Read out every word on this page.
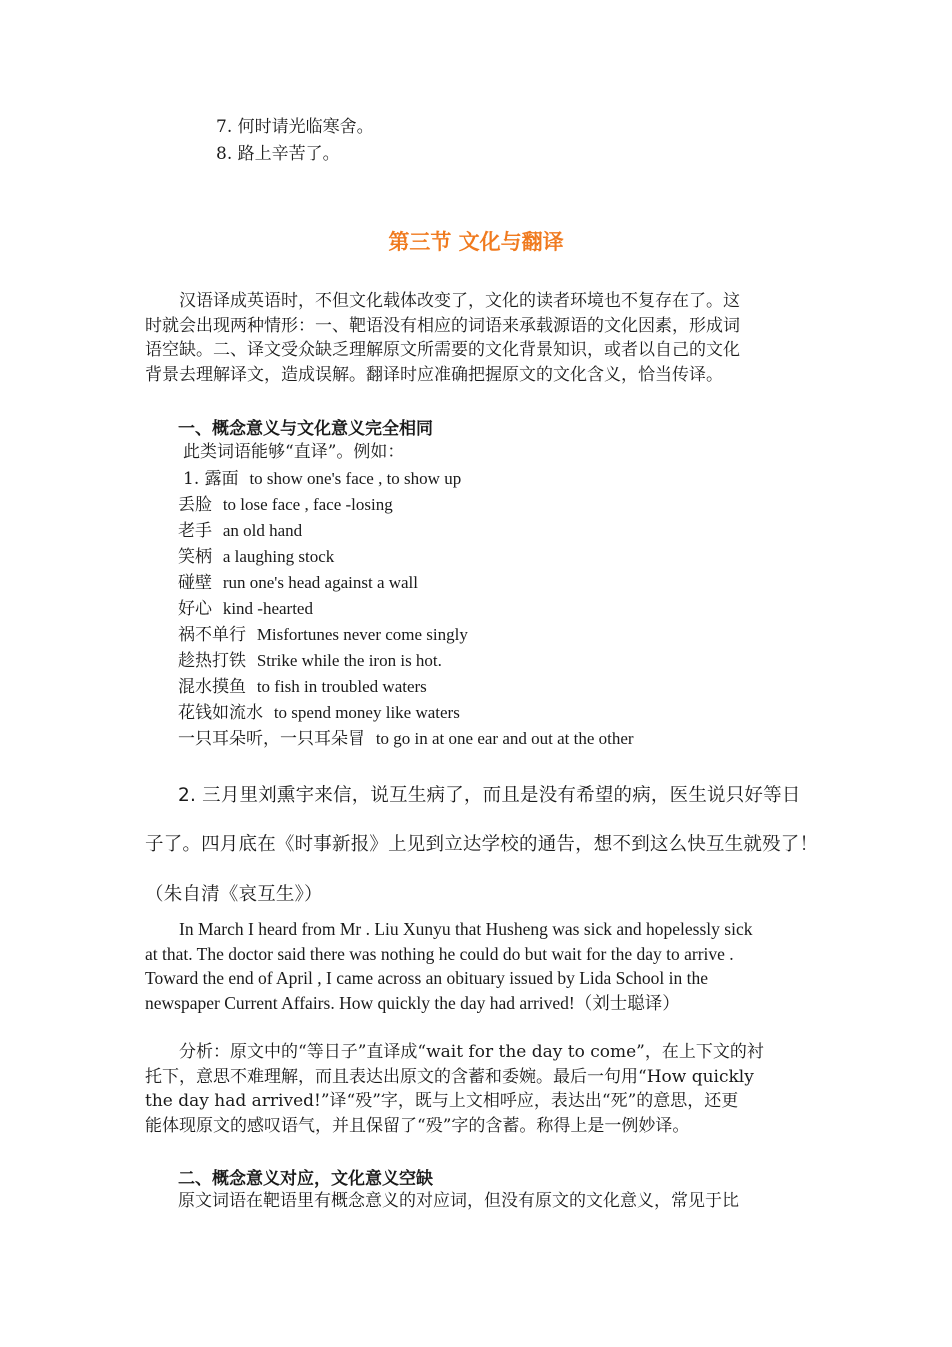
7. 何时请光临寒舍。
8. 路上辛苦了。
第三节 文化与翻译
汉语译成英语时，不但文化载体改变了，文化的读者环境也不复存在了。这
时就会出现两种情形：一、靶语没有相应的词语来承载源语的文化因素，形成词
语空缺。二、译文受众缺乏理解原文所需要的文化背景知识，或者以自己的文化
背景去理解译文，造成误解。翻译时应准确把握原文的文化含义，恰当传译。
一、概念意义与文化意义完全相同
此类词语能够“直译”。例如：
1. 露面 to show one's face , to show up
丢脸 to lose face , face -losing
老手 an old hand
笑柄 a laughing stock
碰壁 run one's head against a wall
好心 kind -hearted
祸不单行 Misfortunes never come singly
趁热打铁 Strike while the iron is hot.
混水摸鱼 to fish in troubled waters
花钱如流水 to spend money like waters
一只耳朵听，一只耳朵冒 to go in at one ear and out at the other
2. 三月里刘熏宇来信，说互生病了，而且是没有希望的病，医生说只好等日
子了。四月底在《时事新报》上见到立达学校的通告，想不到这么快互生就殁了！
（朱自清《哀互生》）
In March I heard from Mr . Liu Xunyu that Husheng was sick and hopelessly sick
at that. The doctor said there was nothing he could do but wait for the day to arrive .
Toward the end of April , I came across an obituary issued by Lida School in the
newspaper Current Affairs. How quickly the day had arrived!（刘士聪译）
分析：原文中的“等日子”直译成“wait for the day to come”，在上下文的衬
托下，意思不难理解，而且表达出原文的含蓄和委婉。最后一句用“How quickly
the day had arrived!”译“殁”字，既与上文相呼应，表达出“死”的意思，还更
能体现原文的感叹语气，并且保留了“殁”字的含蓄。称得上是一例妙译。
二、概念意义对应，文化意义空缺
原文词语在靶语里有概念意义的对应词，但没有原文的文化意义，常见于比
